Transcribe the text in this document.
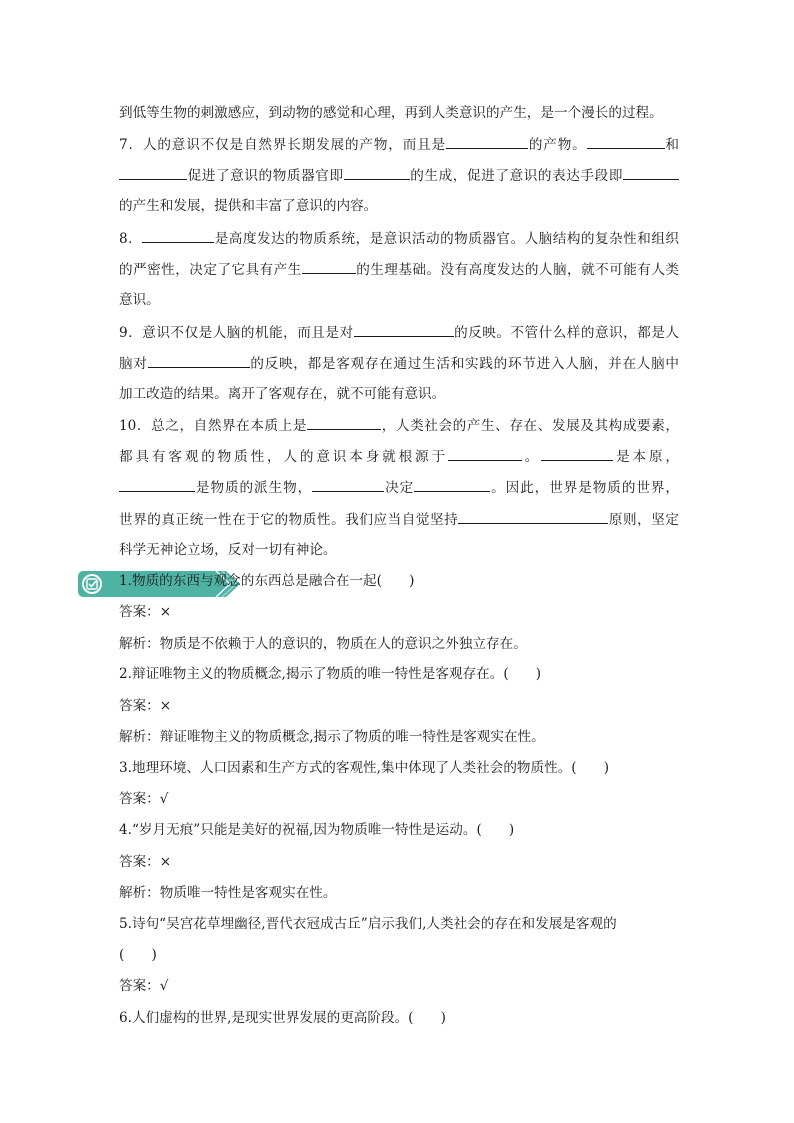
到低等生物的刺激感应，到动物的感觉和心理，再到人类意识的产生，是一个漫长的过程。
7．人的意识不仅是自然界长期发展的产物，而且是	的产物。	和
促进了意识的物质器官即	的生成，促进了意识的表达手段即
的产生和发展，提供和丰富了意识的内容。
8．	是高度发达的物质系统，是意识活动的物质器官。人脑结构的复杂性和组织
的严密性，决定了它具有产生	的生理基础。没有高度发达的人脑，就不可能有人类
意识。
9．意识不仅是人脑的机能，而且是对	的反映。不管什么样的意识，都是人
脑对	的反映，都是客观存在通过生活和实践的环节进入人脑，并在人脑中
加工改造的结果。离开了客观存在，就不可能有意识。
10．总之，自然界在本质上是	，人类社会的产生、存在、发展及其构成要素，
都具有客观的物质性，人的意识本身就根源于	。	是本原，
是物质的派生物，	决定	。因此，世界是物质的世界，
世界的真正统一性在于它的物质性。我们应当自觉坚持	原则，坚定
科学无神论立场，反对一切有神论。
1.物质的东西与观念的东西总是融合在一起(　　)
答案：×
解析：物质是不依赖于人的意识的，物质在人的意识之外独立存在。
2.辩证唯物主义的物质概念,揭示了物质的唯一特性是客观存在。(　　)
答案：×
解析：辩证唯物主义的物质概念,揭示了物质的唯一特性是客观实在性。
3.地理环境、人口因素和生产方式的客观性,集中体现了人类社会的物质性。(　　)
答案：√
4.“岁月无痕”只能是美好的祝福,因为物质唯一特性是运动。(　　)
答案：×
解析：物质唯一特性是客观实在性。
5.诗句“吴宫花草埋幽径,晋代衣冠成古丘”启示我们,人类社会的存在和发展是客观的
(　　)
答案：√
6.人们虚构的世界,是现实世界发展的更高阶段。(　　)
